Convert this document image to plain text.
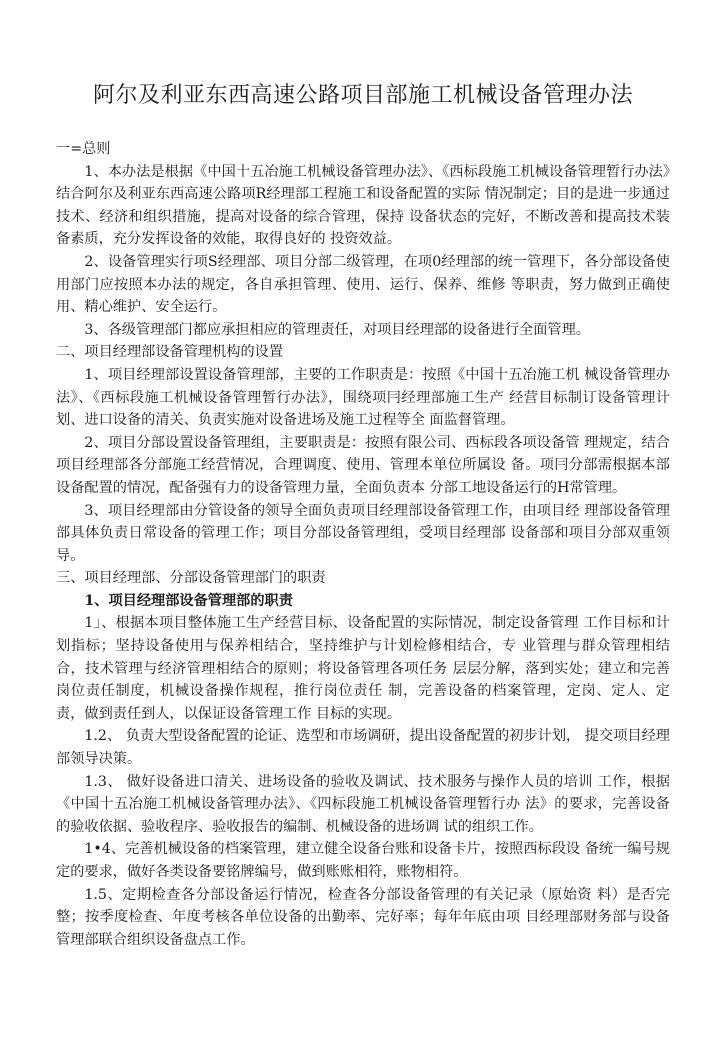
阿尔及利亚东西高速公路项目部施工机械设备管理办法

一=总则

1、本办法是根据《中国十五冶施工机械设备管理办法》、《西标段施工机械设备管理暂行办法》结合阿尔及利亚东西高速公路项R经理部工程施工和设备配置的实际 情况制定；目的是进一步通过技术、经济和组织措施，提高对设备的综合管理，保持 设备状态的完好，不断改善和提高技术装备素质，充分发挥设备的效能，取得良好的 投资效益。

2、设备管理实行项S经理部、项目分部二级管理，在项0经理部的统一管理下，各分部设备使用部门应按照本办法的规定，各自承担管理、使用、运行、保养、维修 等职责，努力做到正确使用、精心维护、安全运行。

3、各级管理部门都应承担相应的管理责任，对项目经理部的设备进行全面管理。

二、项目经理部设备管理机构的设置

1、项目经理部设置设备管理部，主要的工作职责是：按照《中国十五冶施工机 械设备管理办法》、《西标段施工机械设备管理暂行办法》，围绕项冃经理部施工生产 经营目标制订设备管理计划、进口设备的清关、负责实施对设备进场及施工过程等全 面监督管理。

2、项目分部设置设备管理组，主要职责是：按照有限公司、西标段各项设备管 理规定，结合项目经理部各分部施工经营情况，合理调度、使用、管理本单位所属设 备。项冃分部需根据本部设备配置的情况，配备强有力的设备管理力量，全面负责本 分部工地设备运行的H常管理。

3、项目经理部由分管设备的领导全面负责项目经理部设备管理工作，由项目经 理部设备管理部具体负责日常设备的管理工作；项目分部设备管理组，受项目经理部 设备部和项目分部双重领导。

三、项目经理部、分部设备管理部门的职责

1、项目经理部设备管理部的职责

1」、根据本项目整体施工生产经营目标、设备配置的实际情况，制定设备管理 工作目标和计划指标；坚持设备使用与保养相结合，坚持维护与计划检修相结合，专 业管理与群众管理相结合，技术管理与经济管理相结合的原则；将设备管理各项任务 层层分解，落到实处；建立和完善岗位责任制度，机械设备操作规程，推行岗位责任 制，完善设备的档案管理，定岗、定人、定责，做到责任到人，以保证设备管理工作 目标的实现。

1.2、 负责大型设备配置的论证、选型和市场调研，提出设备配置的初步计划， 提交项目经理部领导决策。

1.3、 做好设备进口清关、进场设备的验收及调试、技术服务与操作人员的培训 工作，根据《中国十五冶施工机械设备管理办法》、《四标段施工机械设备管理暂行办 法》的要求，完善设备的验收依据、验收程序、验收报告的编制、机械设备的进场调 试的组织工作。

1•4、完善机械设备的档案管理，建立健全设备台账和设备卡片，按照西标段设 备统一编号规定的要求，做好各类设备要铭牌编号，做到账账相符，账物相符。

1.5、定期检查各分部设备运行情况，检查各分部设备管理的有关记录（原始资 料）是否完整；按季度检查、年度考核各单位设备的出勤率、完好率；每年年底由项 目经理部财务部与设备管理部联合组织设备盘点工作。
